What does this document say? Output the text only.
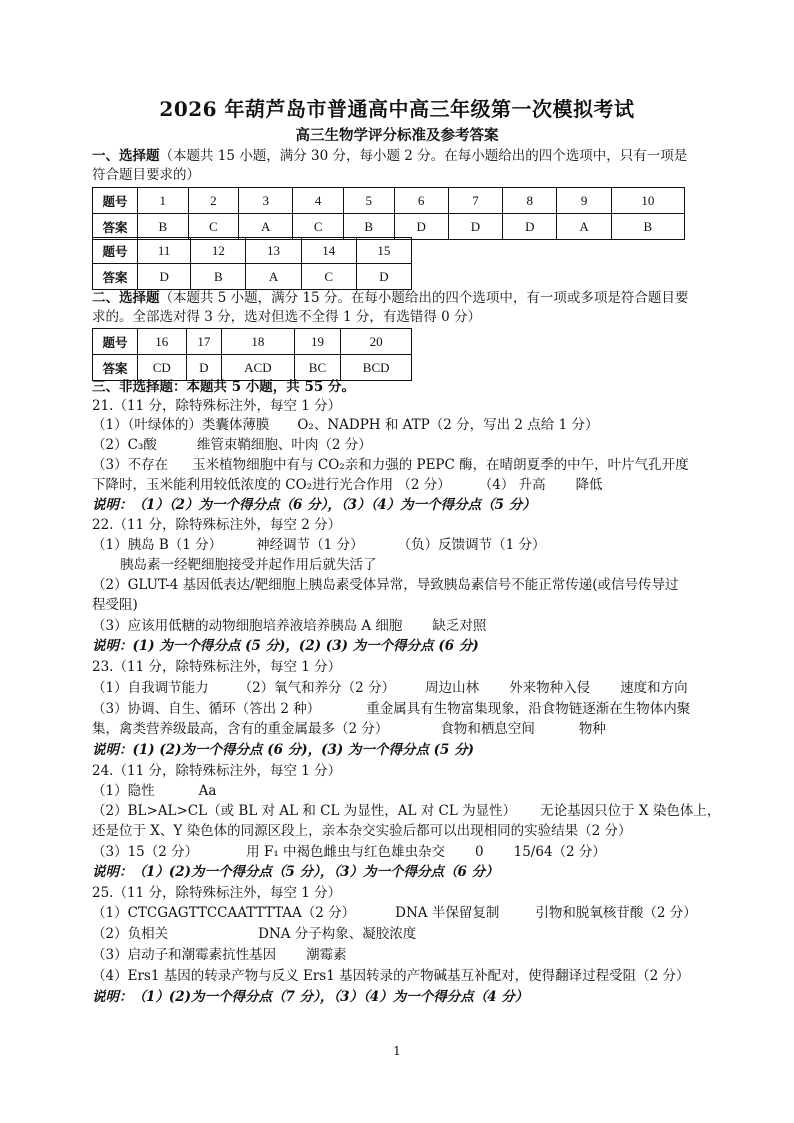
2026 年葫芦岛市普通高中高三年级第一次模拟考试
高三生物学评分标准及参考答案
一、选择题（本题共 15 小题，满分 30 分，每小题 2 分。在每小题给出的四个选项中，只有一项是
符合题目要求的）
题号	1	2	3	4	5	6	7	8	9	10
答案	B	C	A	C	B	D	D	D	A	B
题号	11	12	13	14	15
答案	D	B	A	C	D
二、选择题（本题共 5 小题，满分 15 分。在每小题给出的四个选项中，有一项或多项是符合题目要
求的。全部选对得 3 分，选对但选不全得 1 分，有选错得 0 分）
题号	16	17	18	19	20
答案	CD	D	ACD	BC	BCD
三、非选择题：本题共 5 小题，共 55 分。
21.（11 分，除特殊标注外，每空 1 分）
（1）（叶绿体的）类囊体薄膜 O₂、NADPH 和 ATP（2 分，写出 2 点给 1 分）
（2）C₃酸	维管束鞘细胞、叶肉（2 分）
（3）不存在 玉米植物细胞中有与 CO₂亲和力强的 PEPC 酶，在晴朗夏季的中午，叶片气孔开度
下降时，玉米能利用较低浓度的 CO₂进行光合作用 （2 分） （4） 升高 降低
说明：（1）（2）为一个得分点（6 分），（3）（4）为一个得分点（5 分）
22.（11 分，除特殊标注外，每空 2 分）
（1）胰岛 B（1 分）	神经调节（1 分）	（负）反馈调节（1 分）
胰岛素一经靶细胞接受并起作用后就失活了
（2）GLUT-4 基因低表达/靶细胞上胰岛素受体异常，导致胰岛素信号不能正常传递(或信号传导过
程受阻)
（3）应该用低糖的动物细胞培养液培养胰岛 A 细胞 缺乏对照
说明：(1) 为一个得分点 (5 分)，(2) (3) 为一个得分点 (6 分)
23.（11 分，除特殊标注外，每空 1 分）
（1）自我调节能力 （2）氧气和养分（2 分） 周边山林 外来物种入侵 速度和方向
（3）协调、自生、循环（答出 2 种）	重金属具有生物富集现象，沿食物链逐渐在生物体内聚
集，禽类营养级最高，含有的重金属最多（2 分）	食物和栖息空间	物种
说明：(1) (2)为一个得分点 (6 分)，(3) 为一个得分点 (5 分)
24.（11 分，除特殊标注外，每空 1 分）
（1）隐性	Aa
（2）BL>AL>CL（或 BL 对 AL 和 CL 为显性，AL 对 CL 为显性） 无论基因只位于 X 染色体上，
还是位于 X、Y 染色体的同源区段上，亲本杂交实验后都可以出现相同的实验结果（2 分）
（3）15（2 分）	用 F₁ 中褐色雌虫与红色雄虫杂交 0 15/64（2 分）
说明：（1）(2)为一个得分点（5 分），（3）为一个得分点（6 分）
25.（11 分，除特殊标注外，每空 1 分）
（1）CTCGAGTTCCAATTTTAA（2 分）	DNA 半保留复制	引物和脱氧核苷酸（2 分）
（2）负相关	DNA 分子构象、凝胶浓度
（3）启动子和潮霉素抗性基因 潮霉素
（4）Ers1 基因的转录产物与反义 Ers1 基因转录的产物碱基互补配对，使得翻译过程受阻（2 分）
说明：（1）(2)为一个得分点（7 分），（3）（4）为一个得分点（4 分）
1
